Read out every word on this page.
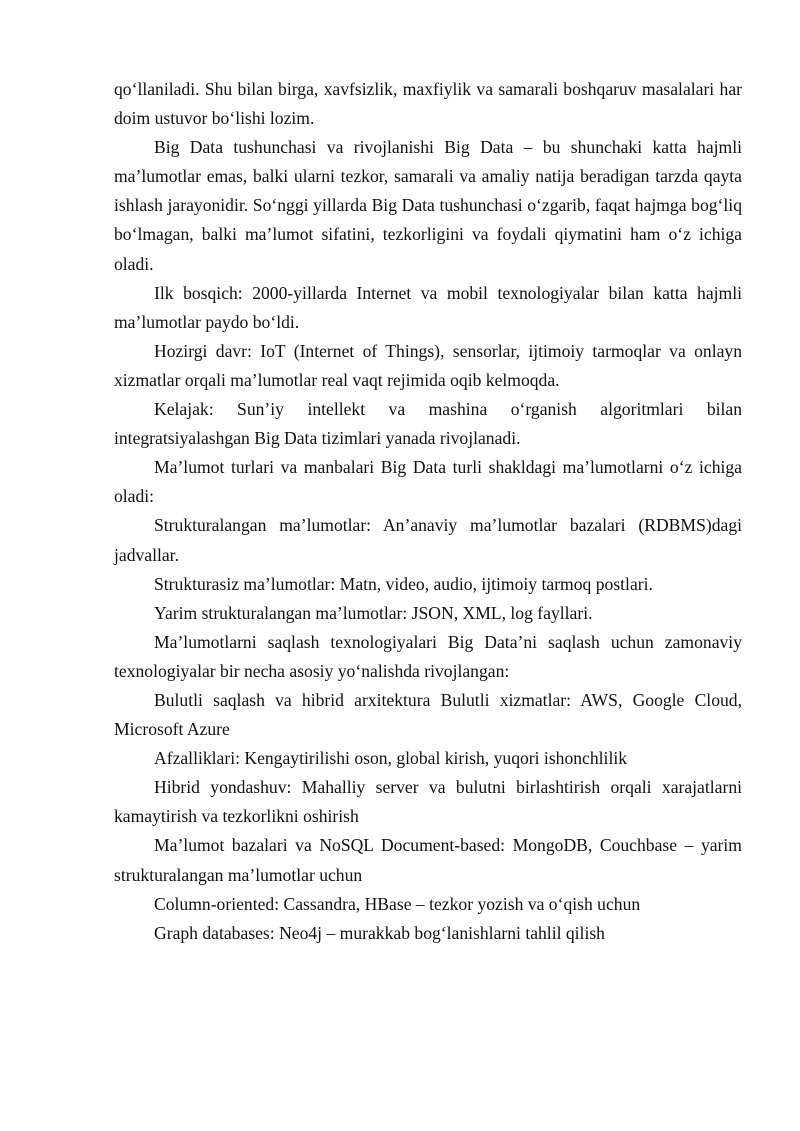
qo‘llaniladi. Shu bilan birga, xavfsizlik, maxfiylik va samarali boshqaruv masalalari har doim ustuvor bo‘lishi lozim.

Big Data tushunchasi va rivojlanishi Big Data – bu shunchaki katta hajmli ma’lumotlar emas, balki ularni tezkor, samarali va amaliy natija beradigan tarzda qayta ishlash jarayonidir. So‘nggi yillarda Big Data tushunchasi o‘zgarib, faqat hajmga bog‘liq bo‘lmagan, balki ma’lumot sifatini, tezkorligini va foydali qiymatini ham o‘z ichiga oladi.

Ilk bosqich: 2000-yillarda Internet va mobil texnologiyalar bilan katta hajmli ma’lumotlar paydo bo‘ldi.

Hozirgi davr: IoT (Internet of Things), sensorlar, ijtimoiy tarmoqlar va onlayn xizmatlar orqali ma’lumotlar real vaqt rejimida oqib kelmoqda.

Kelajak: Sun’iy intellekt va mashina o‘rganish algoritmlari bilan integratsiyalashgan Big Data tizimlari yanada rivojlanadi.

Ma’lumot turlari va manbalari Big Data turli shakldagi ma’lumotlarni o‘z ichiga oladi:

Strukturalangan ma’lumotlar: An’anaviy ma’lumotlar bazalari (RDBMS)dagi jadvallar.

Strukturasiz ma’lumotlar: Matn, video, audio, ijtimoiy tarmoq postlari.

Yarim strukturalangan ma’lumotlar: JSON, XML, log fayllari.

Ma’lumotlarni saqlash texnologiyalari Big Data’ni saqlash uchun zamonaviy texnologiyalar bir necha asosiy yo‘nalishda rivojlangan:

Bulutli saqlash va hibrid arxitektura Bulutli xizmatlar: AWS, Google Cloud, Microsoft Azure

Afzalliklari: Kengaytirilishi oson, global kirish, yuqori ishonchlilik

Hibrid yondashuv: Mahalliy server va bulutni birlashtirish orqali xarajatlarni kamaytirish va tezkorlikni oshirish

Ma’lumot bazalari va NoSQL Document-based: MongoDB, Couchbase – yarim strukturalangan ma’lumotlar uchun

Column-oriented: Cassandra, HBase – tezkor yozish va o‘qish uchun

Graph databases: Neo4j – murakkab bog‘lanishlarni tahlil qilish
